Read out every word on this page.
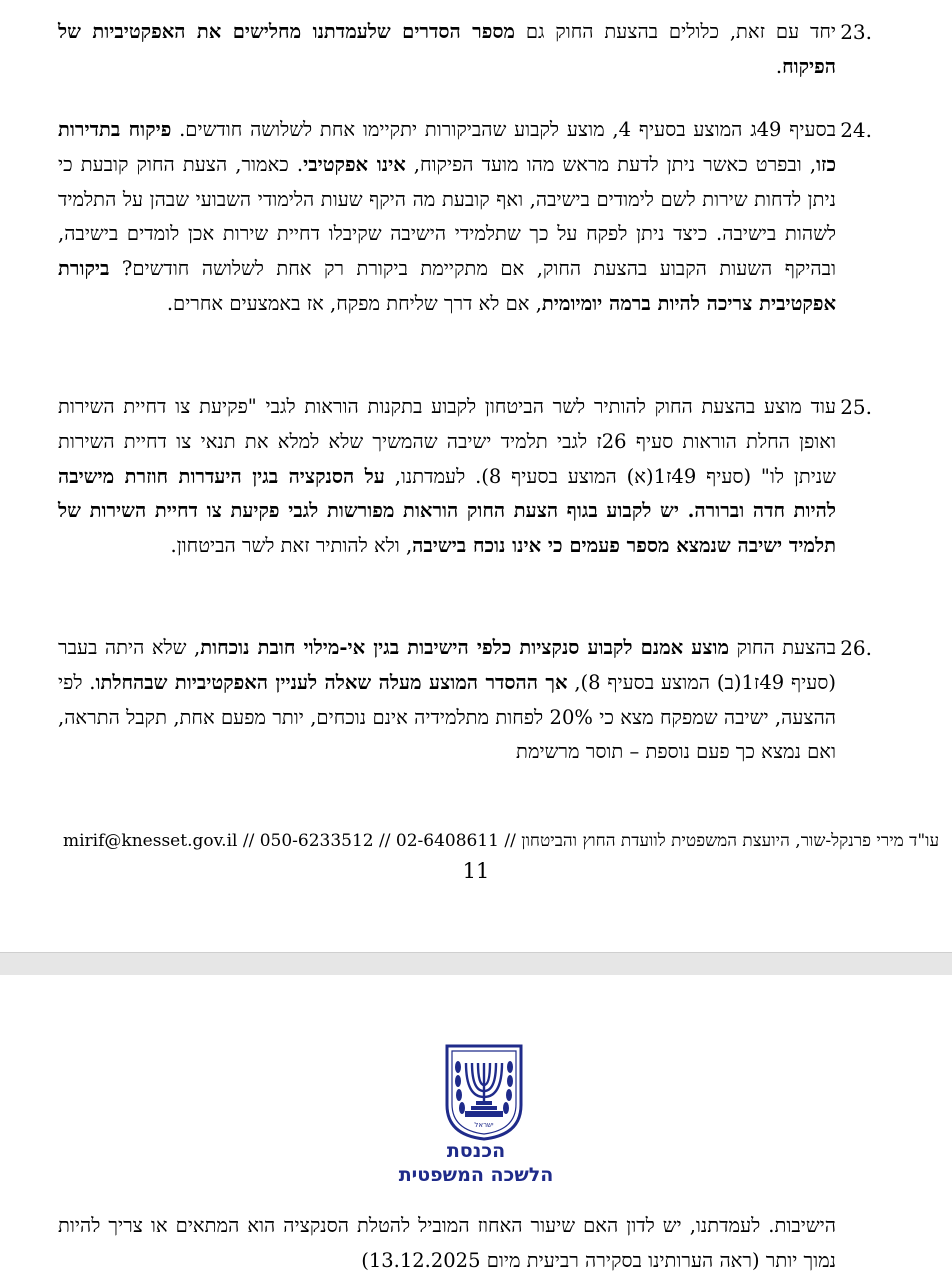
23.
יחד עם זאת, כלולים בהצעת החוק גם מספר הסדרים שלעמדתנו מחלישים את האפקטיביות של הפיקוח.
24.
בסעיף 49ג המוצע בסעיף 4, מוצע לקבוע שהביקורות יתקיימו אחת לשלושה חודשים. פיקוח בתדירות כזו, ובפרט כאשר ניתן לדעת מראש מהו מועד הפיקוח, אינו אפקטיבי. כאמור, הצעת החוק קובעת כי ניתן לדחות שירות לשם לימודים בישיבה, ואף קובעת מה היקף שעות הלימודי השבועי שבהן על התלמיד לשהות בישיבה. כיצד ניתן לפקח על כך שתלמידי הישיבה שקיבלו דחיית שירות אכן לומדים בישיבה, ובהיקף השעות הקבוע בהצעת החוק, אם מתקיימת ביקורת רק אחת לשלושה חודשים? ביקורת אפקטיבית צריכה להיות ברמה יומיומית, אם לא דרך שליחת מפקח, אז באמצעים אחרים.
25.
עוד מוצע בהצעת החוק להותיר לשר הביטחון לקבוע בתקנות הוראות לגבי "פקיעת צו דחיית השירות ואופן החלת הוראות סעיף 26ז לגבי תלמיד ישיבה שהמשיך שלא למלא את תנאי צו דחיית השירות שניתן לו" (סעיף 49ז1(א) המוצע בסעיף 8). לעמדתנו, על הסנקציה בגין היעדרות חוזרת מישיבה להיות חדה וברורה. יש לקבוע בגוף הצעת החוק הוראות מפורשות לגבי פקיעת צו דחיית השירות של תלמיד ישיבה שנמצא מספר פעמים כי אינו נוכח בישיבה, ולא להותיר זאת לשר הביטחון.
26.
בהצעת החוק מוצע אמנם לקבוע סנקציות כלפי הישיבות בגין אי-מילוי חובת נוכחות, שלא היתה בעבר (סעיף 49ז1(ב) המוצע בסעיף 8), אך ההסדר המוצע מעלה שאלה לעניין האפקטיביות שבהחלתו. לפי ההצעה, ישיבה שמפקח מצא כי 20% לפחות מתלמידיה אינם נוכחים, יותר מפעם אחת, תקבל התראה, ואם נמצא כך פעם נוספת – תוסר מרשימת
עו"ד מירי פרנקל-שור, היועצת המשפטית לוועדת החוץ והביטחון // 02-6408611 // 050-6233512 // mirif@knesset.gov.il
11
ישראל
הכנסת
הלשכה המשפטית
הישיבות. לעמדתנו, יש לדון האם שיעור האחוז המוביל להטלת הסנקציה הוא המתאים או צריך להיות נמוך יותר (ראה הערותינו בסקירה רביעית מיום 13.12.2025)
